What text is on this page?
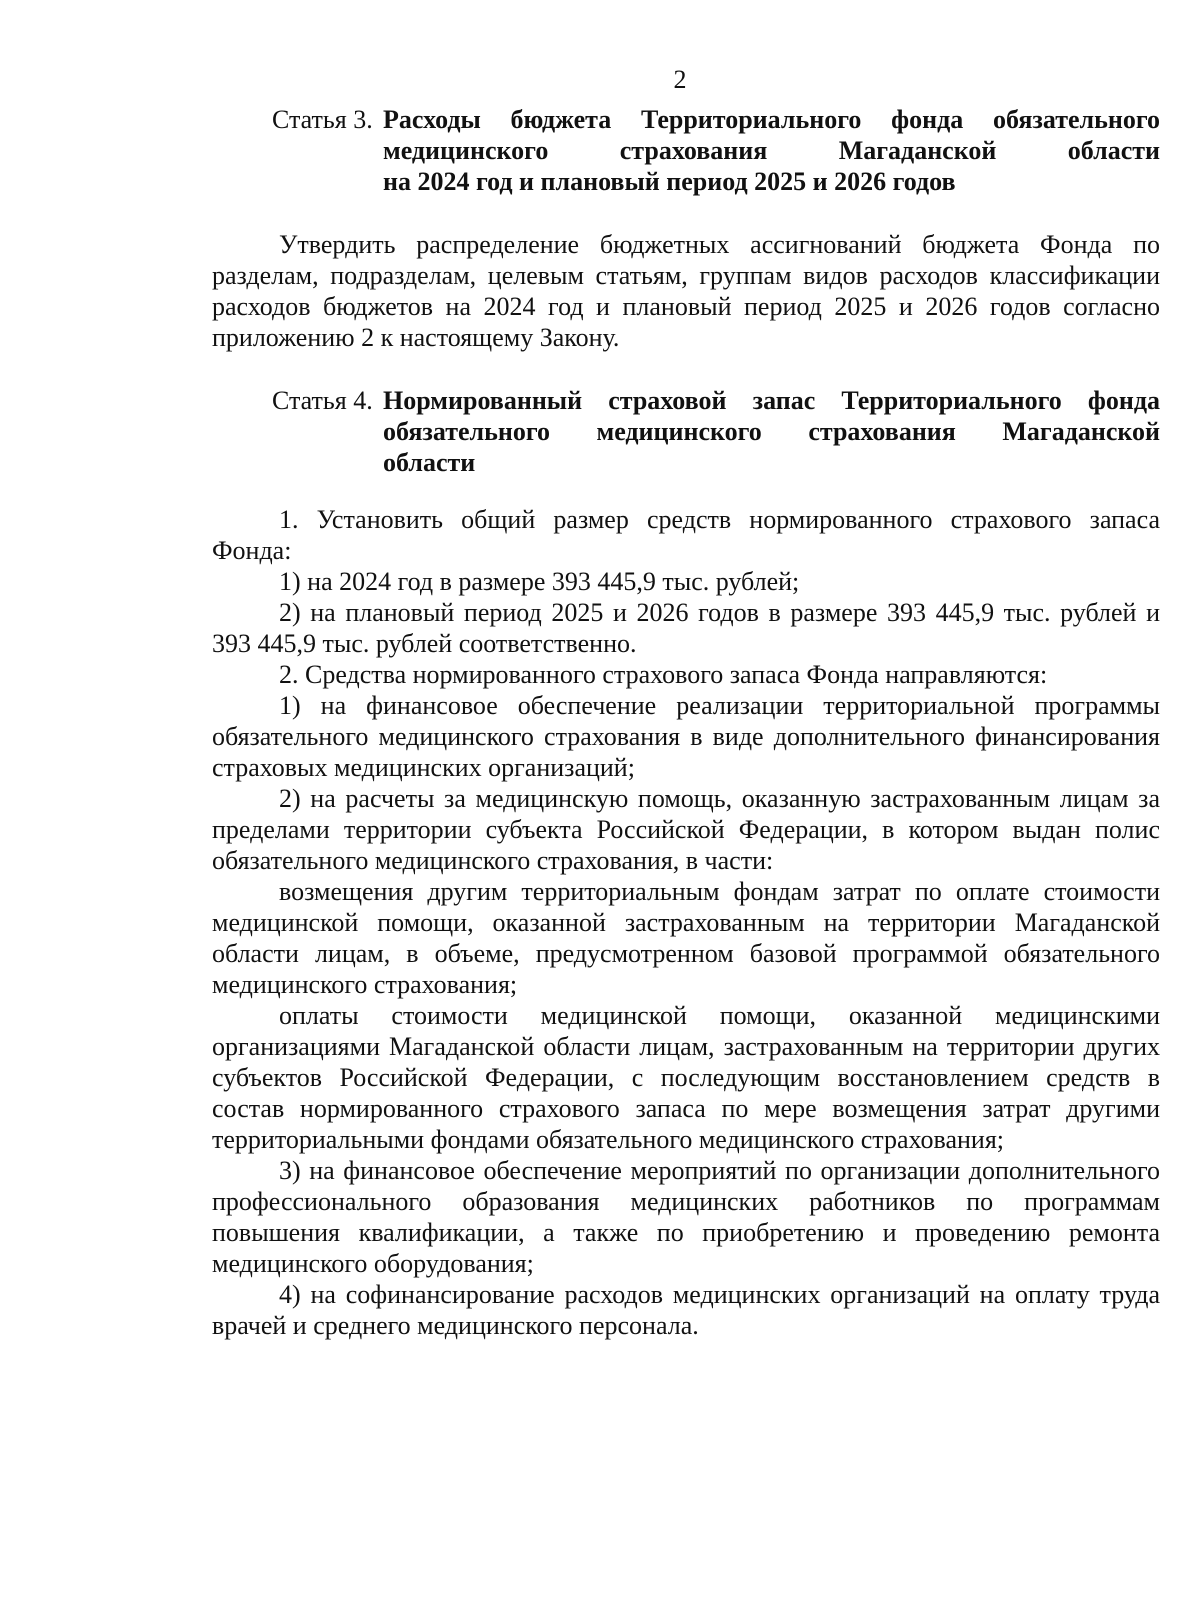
2
Статья 3. Расходы бюджета Территориального фонда обязательного
медицинского страхования Магаданской области
на 2024 год и плановый период 2025 и 2026 годов

Утвердить распределение бюджетных ассигнований бюджета Фонда по разделам, подразделам, целевым статьям, группам видов расходов классификации расходов бюджетов на 2024 год и плановый период 2025 и 2026 годов согласно приложению 2 к настоящему Закону.

Статья 4. Нормированный страховой запас Территориального фонда
обязательного медицинского страхования Магаданской
области

1. Установить общий размер средств нормированного страхового запаса Фонда:

1) на 2024 год в размере 393 445,9 тыс. рублей;

2) на плановый период 2025 и 2026 годов в размере 393 445,9 тыс. рублей и 393 445,9 тыс. рублей соответственно.

2. Средства нормированного страхового запаса Фонда направляются:

1) на финансовое обеспечение реализации территориальной программы обязательного медицинского страхования в виде дополнительного финансирования страховых медицинских организаций;

2) на расчеты за медицинскую помощь, оказанную застрахованным лицам за пределами территории субъекта Российской Федерации, в котором выдан полис обязательного медицинского страхования, в части:

возмещения другим территориальным фондам затрат по оплате стоимости медицинской помощи, оказанной застрахованным на территории Магаданской области лицам, в объеме, предусмотренном базовой программой обязательного медицинского страхования;

оплаты стоимости медицинской помощи, оказанной медицинскими организациями Магаданской области лицам, застрахованным на территории других субъектов Российской Федерации, с последующим восстановлением средств в состав нормированного страхового запаса по мере возмещения затрат другими территориальными фондами обязательного медицинского страхования;

3) на финансовое обеспечение мероприятий по организации дополнительного профессионального образования медицинских работников по программам повышения квалификации, а также по приобретению и проведению ремонта медицинского оборудования;

4) на софинансирование расходов медицинских организаций на оплату труда врачей и среднего медицинского персонала.
